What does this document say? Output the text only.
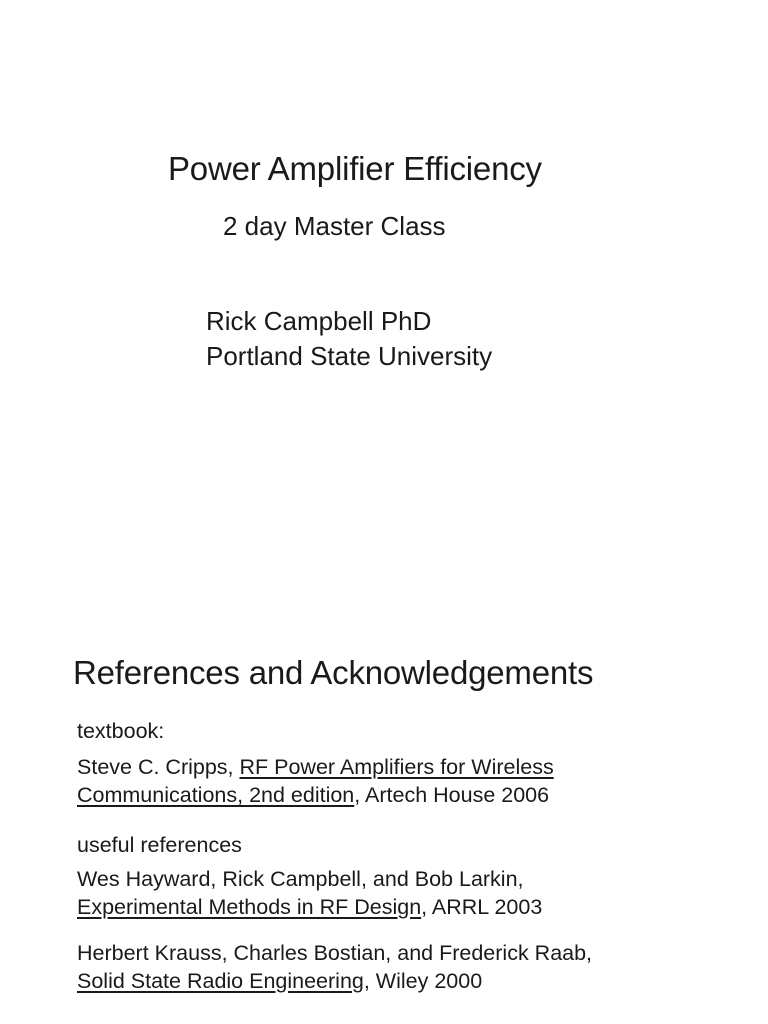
Power Amplifier Efficiency
2 day Master Class
Rick Campbell PhD
Portland State University
References and Acknowledgements
textbook:
Steve C. Cripps, RF Power Amplifiers for Wireless
Communications, 2nd edition, Artech House 2006
useful references
Wes Hayward, Rick Campbell, and Bob Larkin,
Experimental Methods in RF Design, ARRL 2003
Herbert Krauss, Charles Bostian, and Frederick Raab,
Solid State Radio Engineering, Wiley 2000
